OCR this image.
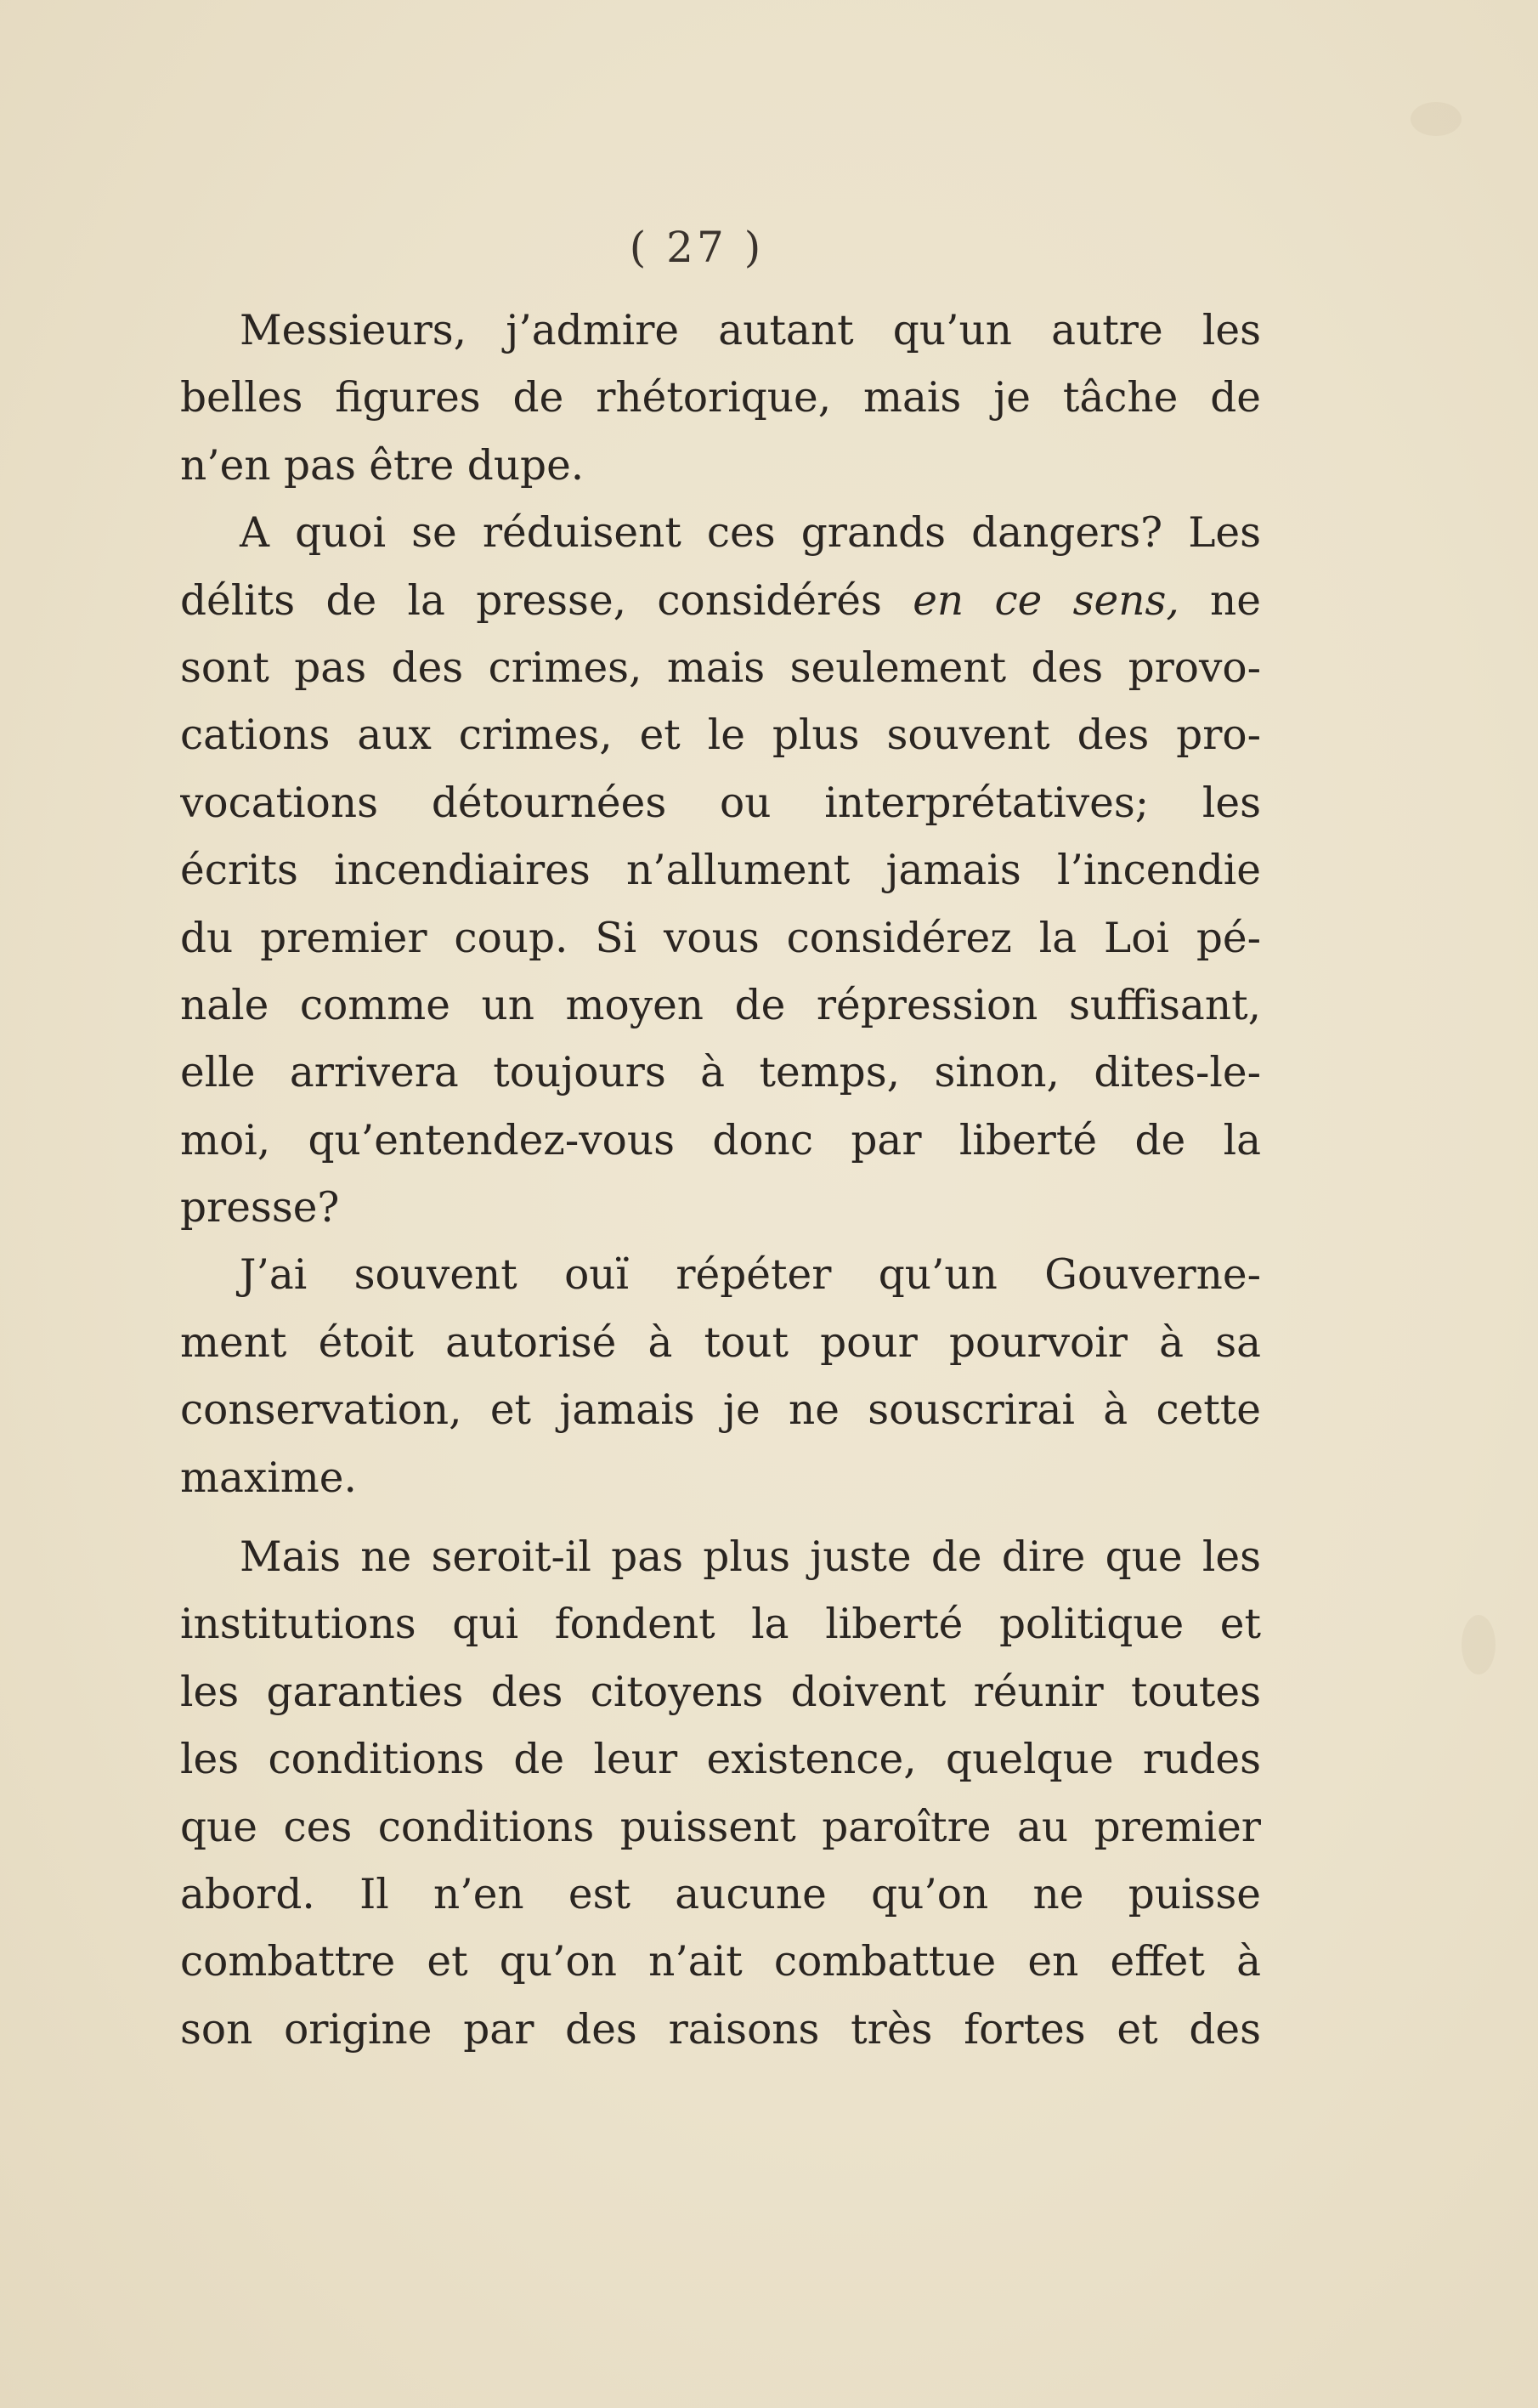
( 27 )
Messieurs, j’admire autant qu’un autre les
belles figures de rhétorique, mais je tâche de
n’en pas être dupe.
A quoi se réduisent ces grands dangers? Les
délits de la presse, considérés en ce sens, ne
sont pas des crimes, mais seulement des provo-
cations aux crimes, et le plus souvent des pro-
vocations détournées ou interprétatives; les
écrits incendiaires n’allument jamais l’incendie
du premier coup. Si vous considérez la Loi pé-
nale comme un moyen de répression suffisant,
elle arrivera toujours à temps, sinon, dites-le-
moi, qu’entendez-vous donc par liberté de la
presse?
J’ai souvent ouï répéter qu’un Gouverne-
ment étoit autorisé à tout pour pourvoir à sa
conservation, et jamais je ne souscrirai à cette
maxime.
Mais ne seroit-il pas plus juste de dire que les
institutions qui fondent la liberté politique et
les garanties des citoyens doivent réunir toutes
les conditions de leur existence, quelque rudes
que ces conditions puissent paroître au premier
abord. Il n’en est aucune qu’on ne puisse
combattre et qu’on n’ait combattue en effet à
son origine par des raisons très fortes et des
